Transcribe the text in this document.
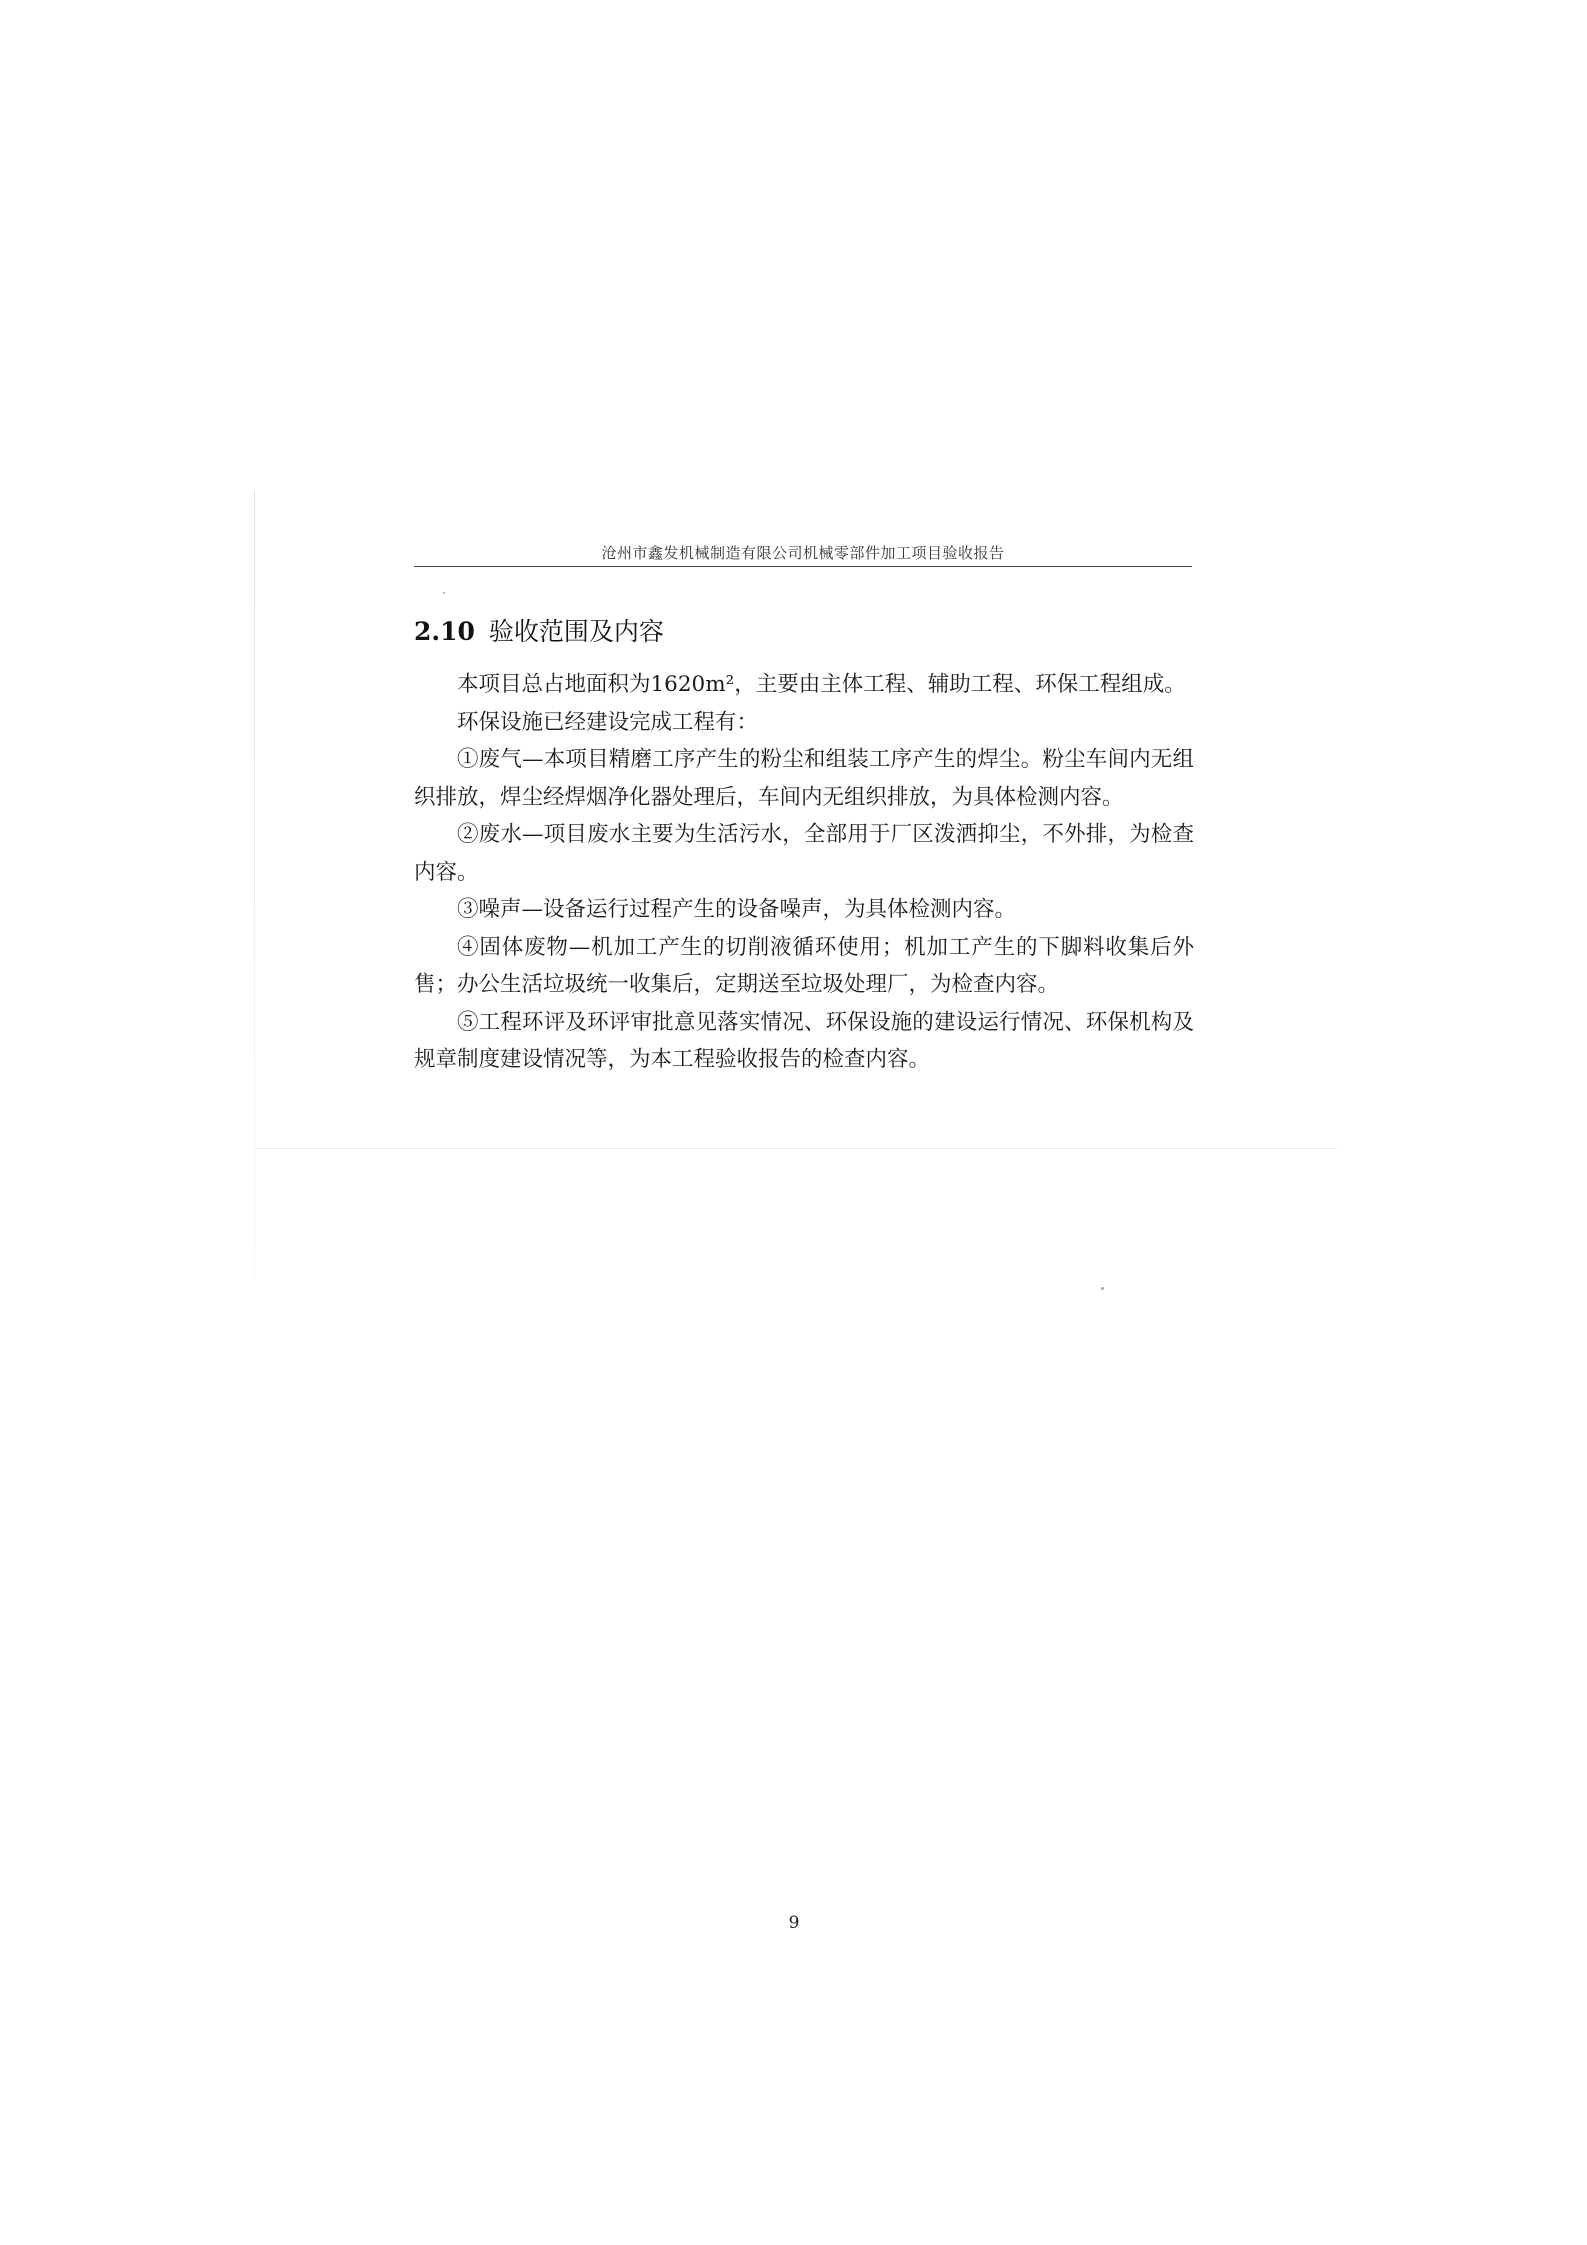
沧州市鑫发机械制造有限公司机械零部件加工项目验收报告
2.10 验收范围及内容

本项目总占地面积为1620m²，主要由主体工程、辅助工程、环保工程组成。

环保设施已经建设完成工程有：

①废气—本项目精磨工序产生的粉尘和组装工序产生的焊尘。粉尘车间内无组织排放，焊尘经焊烟净化器处理后，车间内无组织排放，为具体检测内容。

②废水—项目废水主要为生活污水，全部用于厂区泼洒抑尘，不外排，为检查内容。

③噪声—设备运行过程产生的设备噪声，为具体检测内容。

④固体废物—机加工产生的切削液循环使用；机加工产生的下脚料收集后外售；办公生活垃圾统一收集后，定期送至垃圾处理厂，为检查内容。

⑤工程环评及环评审批意见落实情况、环保设施的建设运行情况、环保机构及规章制度建设情况等，为本工程验收报告的检查内容。

9
